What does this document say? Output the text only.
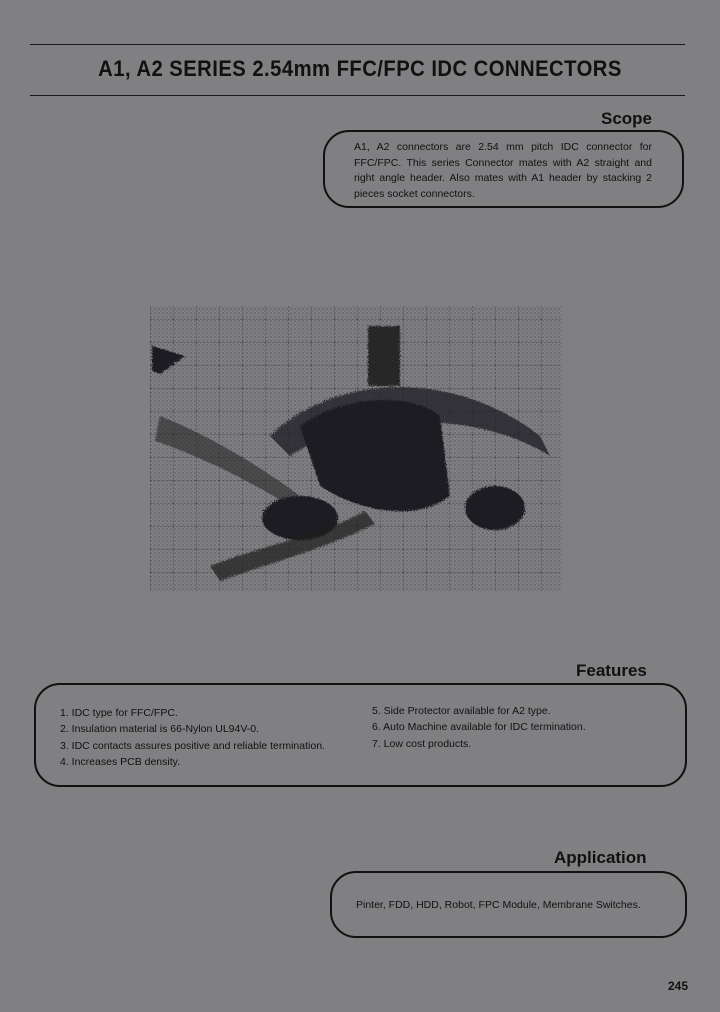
A1, A2 SERIES 2.54mm FFC/FPC IDC CONNECTORS
Scope
A1, A2 connectors are 2.54 mm pitch IDC connector for FFC/FPC. This series Connector mates with A2 straight and right angle header. Also mates with A1 header by stacking 2 pieces socket connectors.
Features
1. IDC type for FFC/FPC.
2. Insulation material is 66-Nylon UL94V-0.
3. IDC contacts assures positive and reliable termination.
4. Increases PCB density.
5. Side Protector available for A2 type.
6. Auto Machine available for IDC termination.
7. Low cost products.
Application
Pinter, FDD, HDD, Robot, FPC Module, Membrane Switches.
245
